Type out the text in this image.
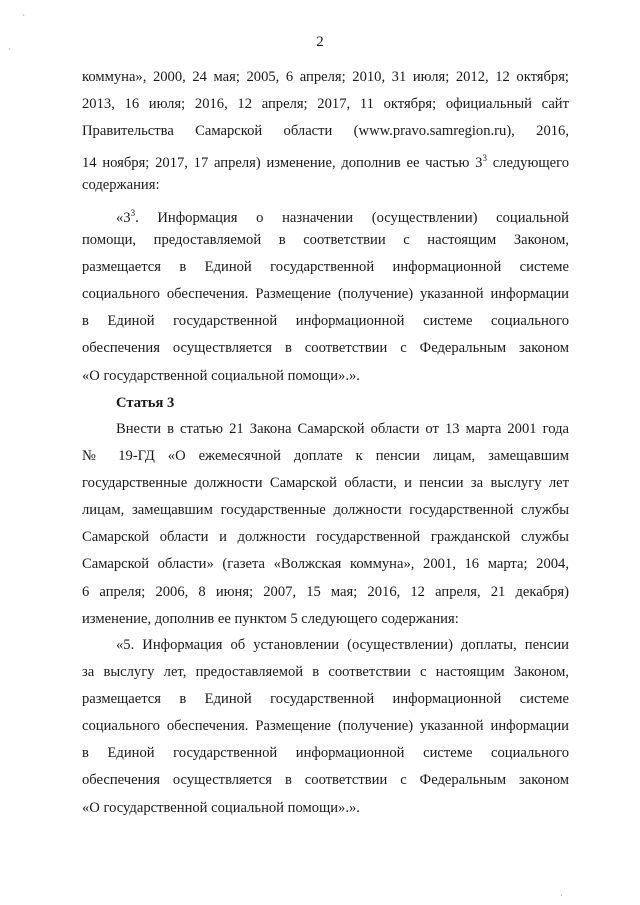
2
коммуна», 2000, 24 мая; 2005, 6 апреля; 2010, 31 июля; 2012, 12 октября;
2013, 16 июля; 2016, 12 апреля; 2017, 11 октября; официальный сайт
Правительства Самарской области (www.pravo.samregion.ru), 2016,
14 ноября; 2017, 17 апреля) изменение, дополнив ее частью $3^3$ следующего
содержания:
«$3^3$. Информация о назначении (осуществлении) социальной
помощи, предоставляемой в соответствии с настоящим Законом,
размещается в Единой государственной информационной системе
социального обеспечения. Размещение (получение) указанной информации
в Единой государственной информационной системе социального
обеспечения осуществляется в соответствии с Федеральным законом
«О государственной социальной помощи».».
Статья 3
Внести в статью 21 Закона Самарской области от 13 марта 2001 года
№ 19-ГД «О ежемесячной доплате к пенсии лицам, замещавшим
государственные должности Самарской области, и пенсии за выслугу лет
лицам, замещавшим государственные должности государственной службы
Самарской области и должности государственной гражданской службы
Самарской области» (газета «Волжская коммуна», 2001, 16 марта; 2004,
6 апреля; 2006, 8 июня; 2007, 15 мая; 2016, 12 апреля, 21 декабря)
изменение, дополнив ее пунктом 5 следующего содержания:
«5. Информация об установлении (осуществлении) доплаты, пенсии
за выслугу лет, предоставляемой в соответствии с настоящим Законом,
размещается в Единой государственной информационной системе
социального обеспечения. Размещение (получение) указанной информации
в Единой государственной информационной системе социального
обеспечения осуществляется в соответствии с Федеральным законом
«О государственной социальной помощи».».
ˎ
ˏ
ˌ
